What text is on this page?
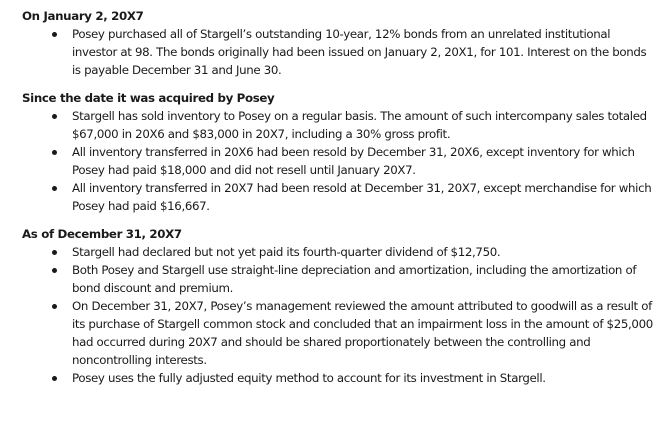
On January 2, 20X7

Posey purchased all of Stargell’s outstanding 10-year, 12% bonds from an unrelated institutional investor at 98. The bonds originally had been issued on January 2, 20X1, for 101. Interest on the bonds is payable December 31 and June 30.

Since the date it was acquired by Posey

Stargell has sold inventory to Posey on a regular basis. The amount of such intercompany sales totaled $67,000 in 20X6 and $83,000 in 20X7, including a 30% gross profit.
All inventory transferred in 20X6 had been resold by December 31, 20X6, except inventory for which Posey had paid $18,000 and did not resell until January 20X7.
All inventory transferred in 20X7 had been resold at December 31, 20X7, except merchandise for which Posey had paid $16,667.

As of December 31, 20X7

Stargell had declared but not yet paid its fourth-quarter dividend of $12,750.
Both Posey and Stargell use straight-line depreciation and amortization, including the amortization of bond discount and premium.
On December 31, 20X7, Posey’s management reviewed the amount attributed to goodwill as a result of its purchase of Stargell common stock and concluded that an impairment loss in the amount of $25,000 had occurred during 20X7 and should be shared proportionately between the controlling and noncontrolling interests.
Posey uses the fully adjusted equity method to account for its investment in Stargell.
